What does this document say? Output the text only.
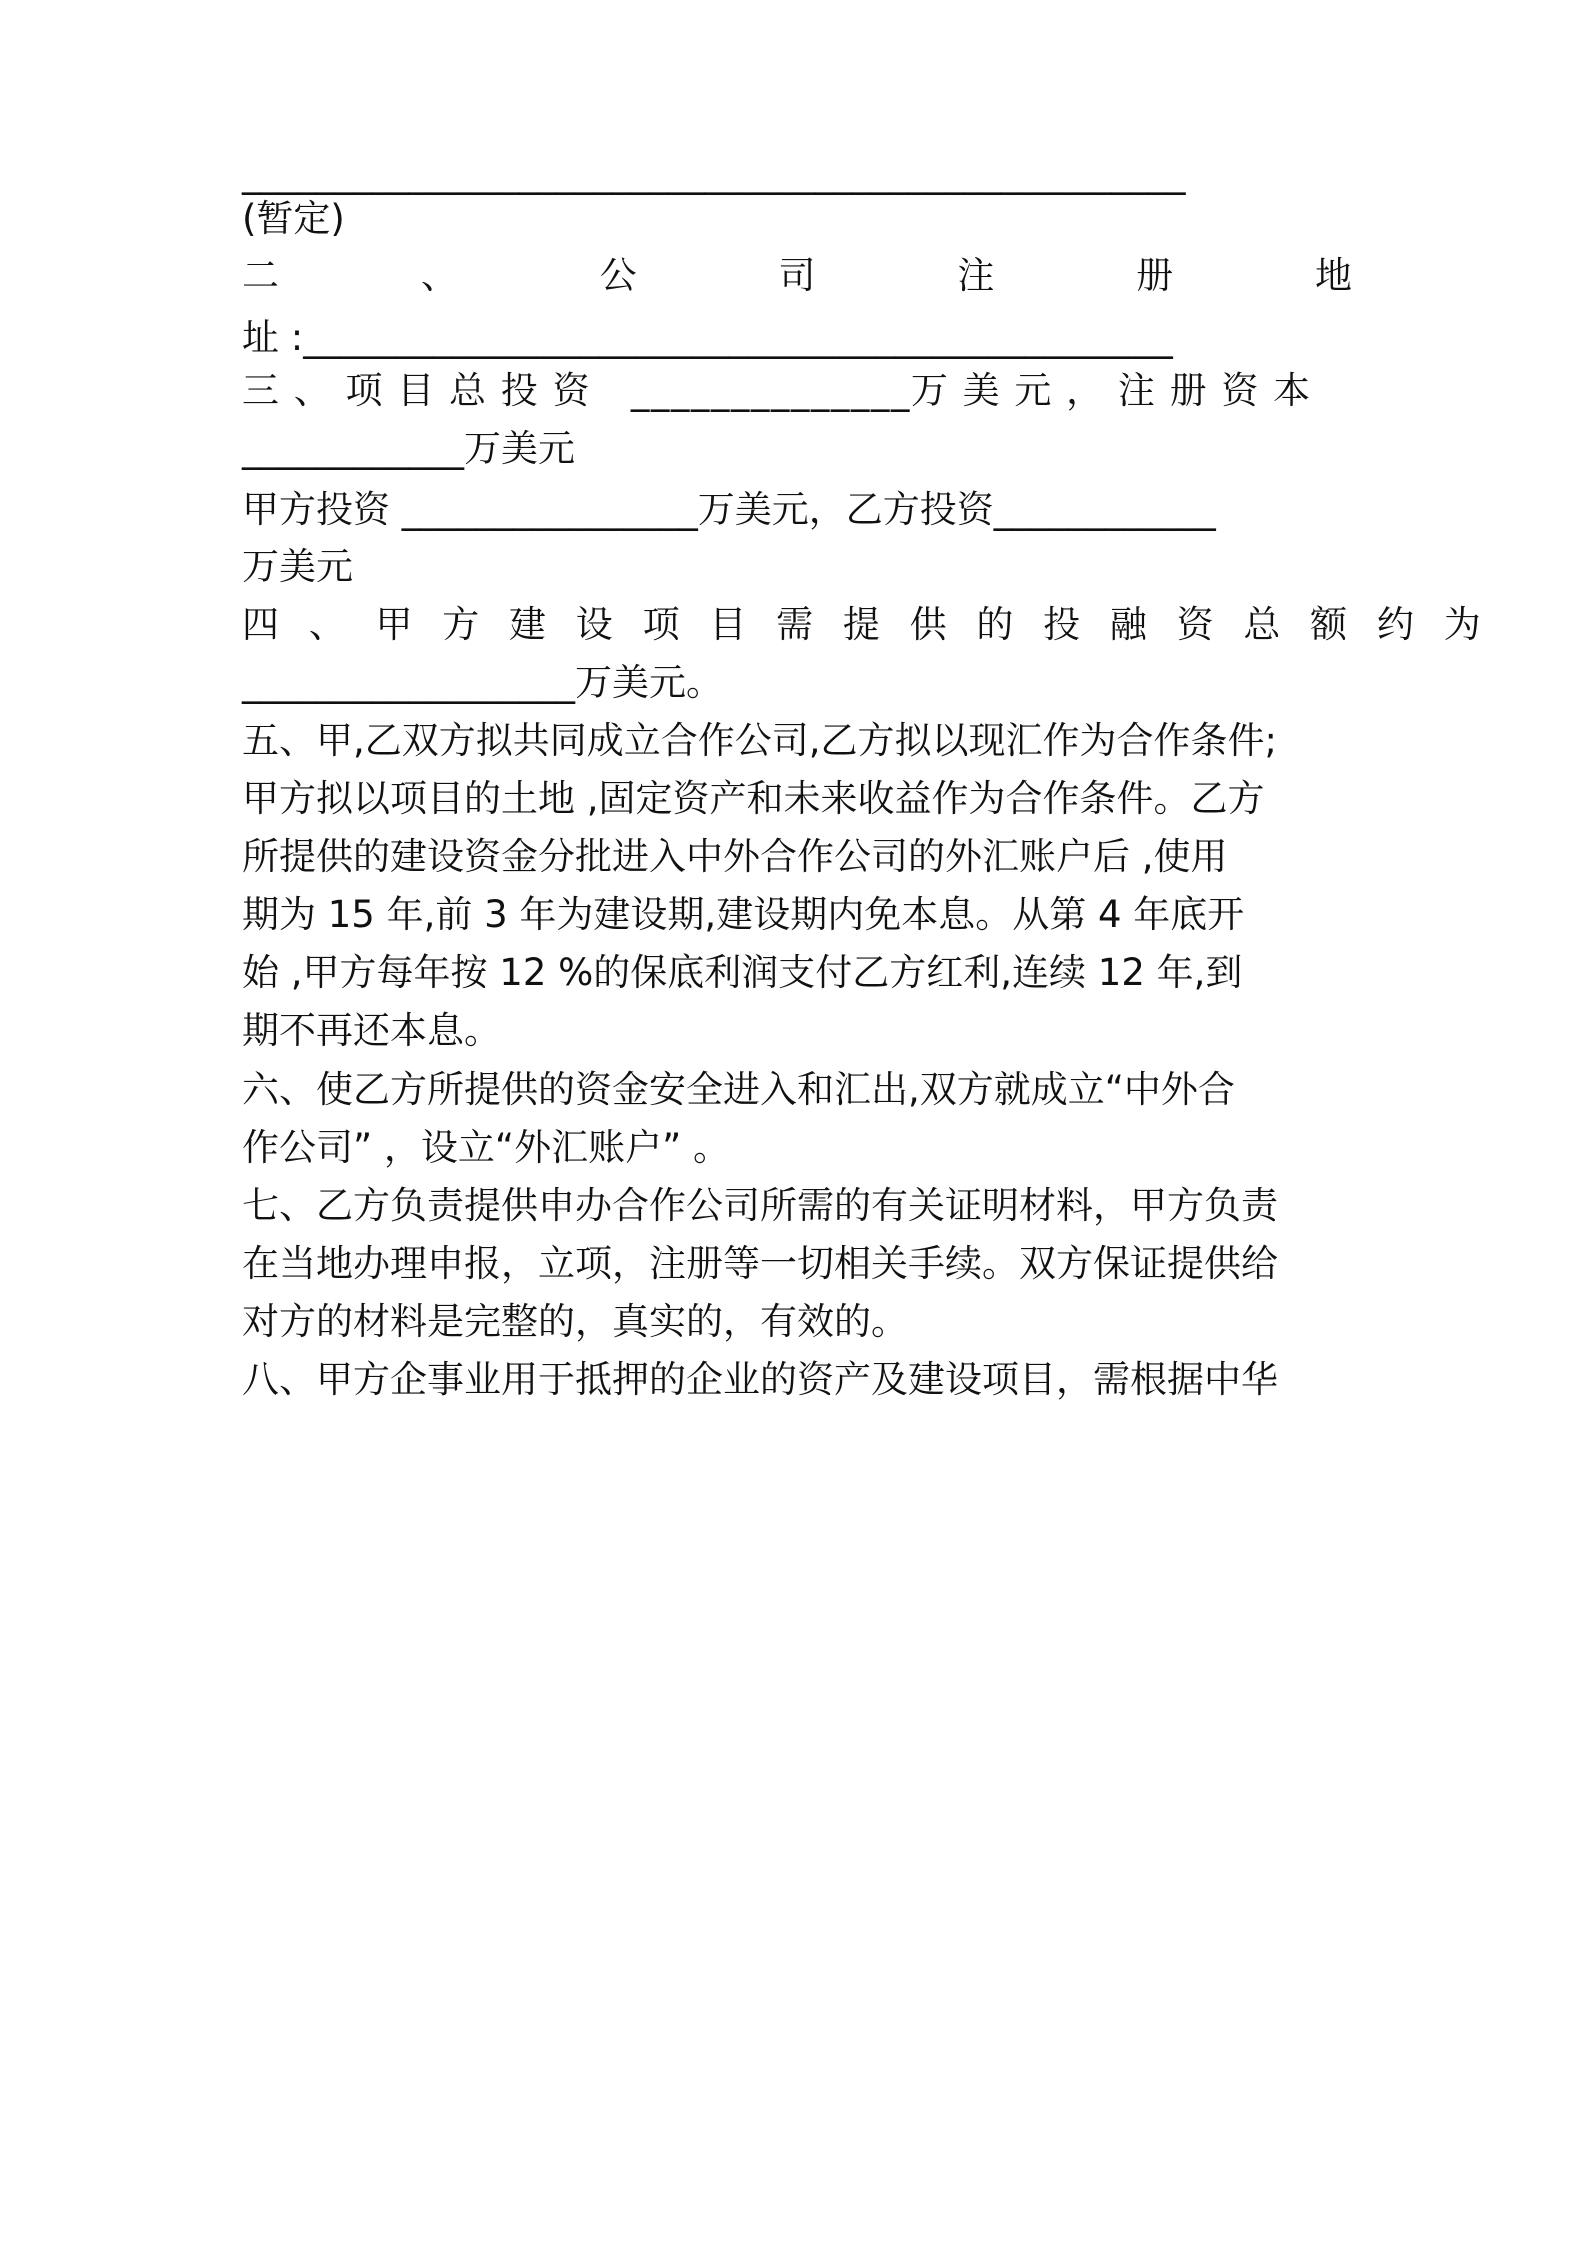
___________________________________________________

(暂定)

二	、	公	司	注	册	地

址 :_______________________________________________

三 、 项 目 总 投 资   ______________万 美 元 ， 注 册 资 本

____________万美元

甲方投资 ________________万美元，乙方投资____________

万美元

四 、 甲 方 建 设 项 目 需 提 供 的 投 融 资 总 额 约 为

__________________万美元。

五、甲,乙双方拟共同成立合作公司,乙方拟以现汇作为合作条件;

甲方拟以项目的土地 ,固定资产和未来收益作为合作条件。乙方

所提供的建设资金分批进入中外合作公司的外汇账户后 ,使用

期为 15 年,前 3 年为建设期,建设期内免本息。从第 4 年底开

始 ,甲方每年按 12 %的保底利润支付乙方红利,连续 12 年,到

期不再还本息。

六、使乙方所提供的资金安全进入和汇出,双方就成立“中外合

作公司” ，设立“外汇账户” 。

七、乙方负责提供申办合作公司所需的有关证明材料，甲方负责

在当地办理申报，立项，注册等一切相关手续。双方保证提供给

对方的材料是完整的，真实的，有效的。

八、甲方企事业用于抵押的企业的资产及建设项目，需根据中华
